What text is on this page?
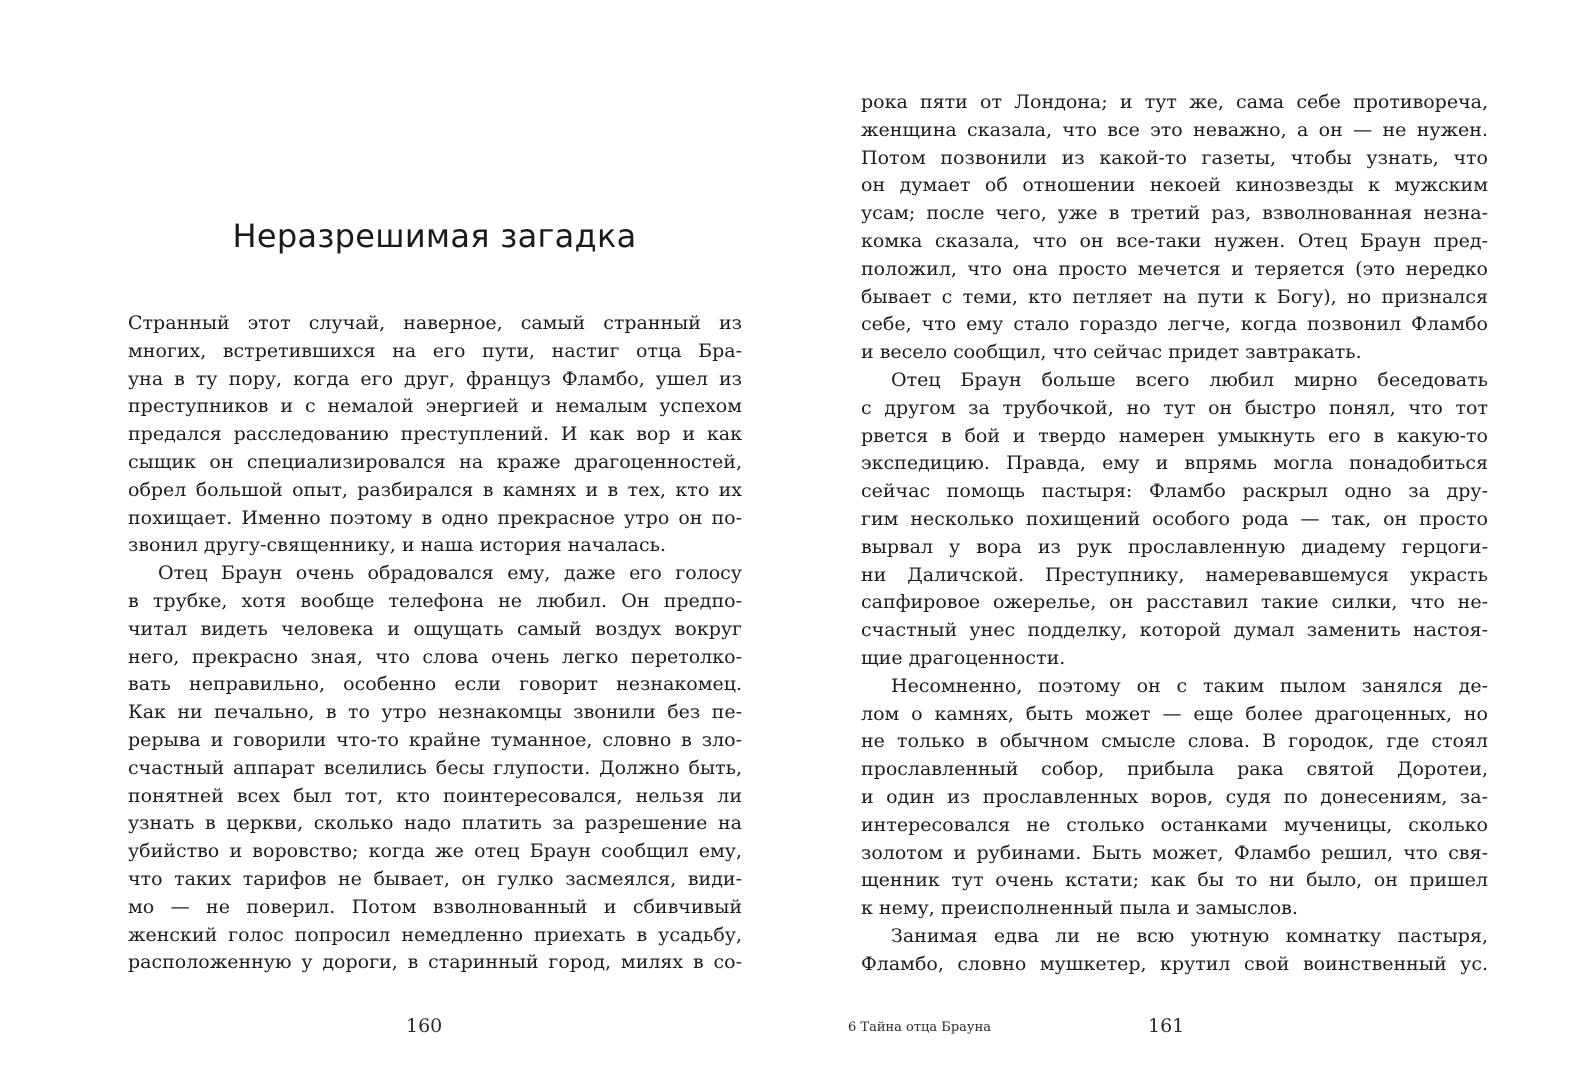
Неразрешимая загадка
Странный этот случай, наверное, самый странный из
многих, встретившихся на его пути, настиг отца Бра-
уна в ту пору, когда его друг, француз Фламбо, ушел из
преступников и с немалой энергией и немалым успехом
предался расследованию преступлений. И как вор и как
сыщик он специализировался на краже драгоценностей,
обрел большой опыт, разбирался в камнях и в тех, кто их
похищает. Именно поэтому в одно прекрасное утро он по-
звонил другу-священнику, и наша история началась.
Отец Браун очень обрадовался ему, даже его голосу
в трубке, хотя вообще телефона не любил. Он предпо-
читал видеть человека и ощущать самый воздух вокруг
него, прекрасно зная, что слова очень легко перетолко-
вать неправильно, особенно если говорит незнакомец.
Как ни печально, в то утро незнакомцы звонили без пе-
рерыва и говорили что-то крайне туманное, словно в зло-
счастный аппарат вселились бесы глупости. Должно быть,
понятней всех был тот, кто поинтересовался, нельзя ли
узнать в церкви, сколько надо платить за разрешение на
убийство и воровство; когда же отец Браун сообщил ему,
что таких тарифов не бывает, он гулко засмеялся, види-
мо — не поверил. Потом взволнованный и сбивчивый
женский голос попросил немедленно приехать в усадьбу,
расположенную у дороги, в старинный город, милях в со-
160
рока пяти от Лондона; и тут же, сама себе противореча,
женщина сказала, что все это неважно, а он — не нужен.
Потом позвонили из какой-то газеты, чтобы узнать, что
он думает об отношении некоей кинозвезды к мужским
усам; после чего, уже в третий раз, взволнованная незна-
комка сказала, что он все-таки нужен. Отец Браун пред-
положил, что она просто мечется и теряется (это нередко
бывает с теми, кто петляет на пути к Богу), но признался
себе, что ему стало гораздо легче, когда позвонил Фламбо
и весело сообщил, что сейчас придет завтракать.
Отец Браун больше всего любил мирно беседовать
с другом за трубочкой, но тут он быстро понял, что тот
рвется в бой и твердо намерен умыкнуть его в какую-то
экспедицию. Правда, ему и впрямь могла понадобиться
сейчас помощь пастыря: Фламбо раскрыл одно за дру-
гим несколько похищений особого рода — так, он просто
вырвал у вора из рук прославленную диадему герцоги-
ни Даличской. Преступнику, намеревавшемуся украсть
сапфировое ожерелье, он расставил такие силки, что не-
счастный унес подделку, которой думал заменить настоя-
щие драгоценности.
Несомненно, поэтому он с таким пылом занялся де-
лом о камнях, быть может — еще более драгоценных, но
не только в обычном смысле слова. В городок, где стоял
прославленный собор, прибыла рака святой Доротеи,
и один из прославленных воров, судя по донесениям, за-
интересовался не столько останками мученицы, сколько
золотом и рубинами. Быть может, Фламбо решил, что свя-
щенник тут очень кстати; как бы то ни было, он пришел
к нему, преисполненный пыла и замыслов.
Занимая едва ли не всю уютную комнатку пастыря,
Фламбо, словно мушкетер, крутил свой воинственный ус.
6 Тайна отца Брауна	161
